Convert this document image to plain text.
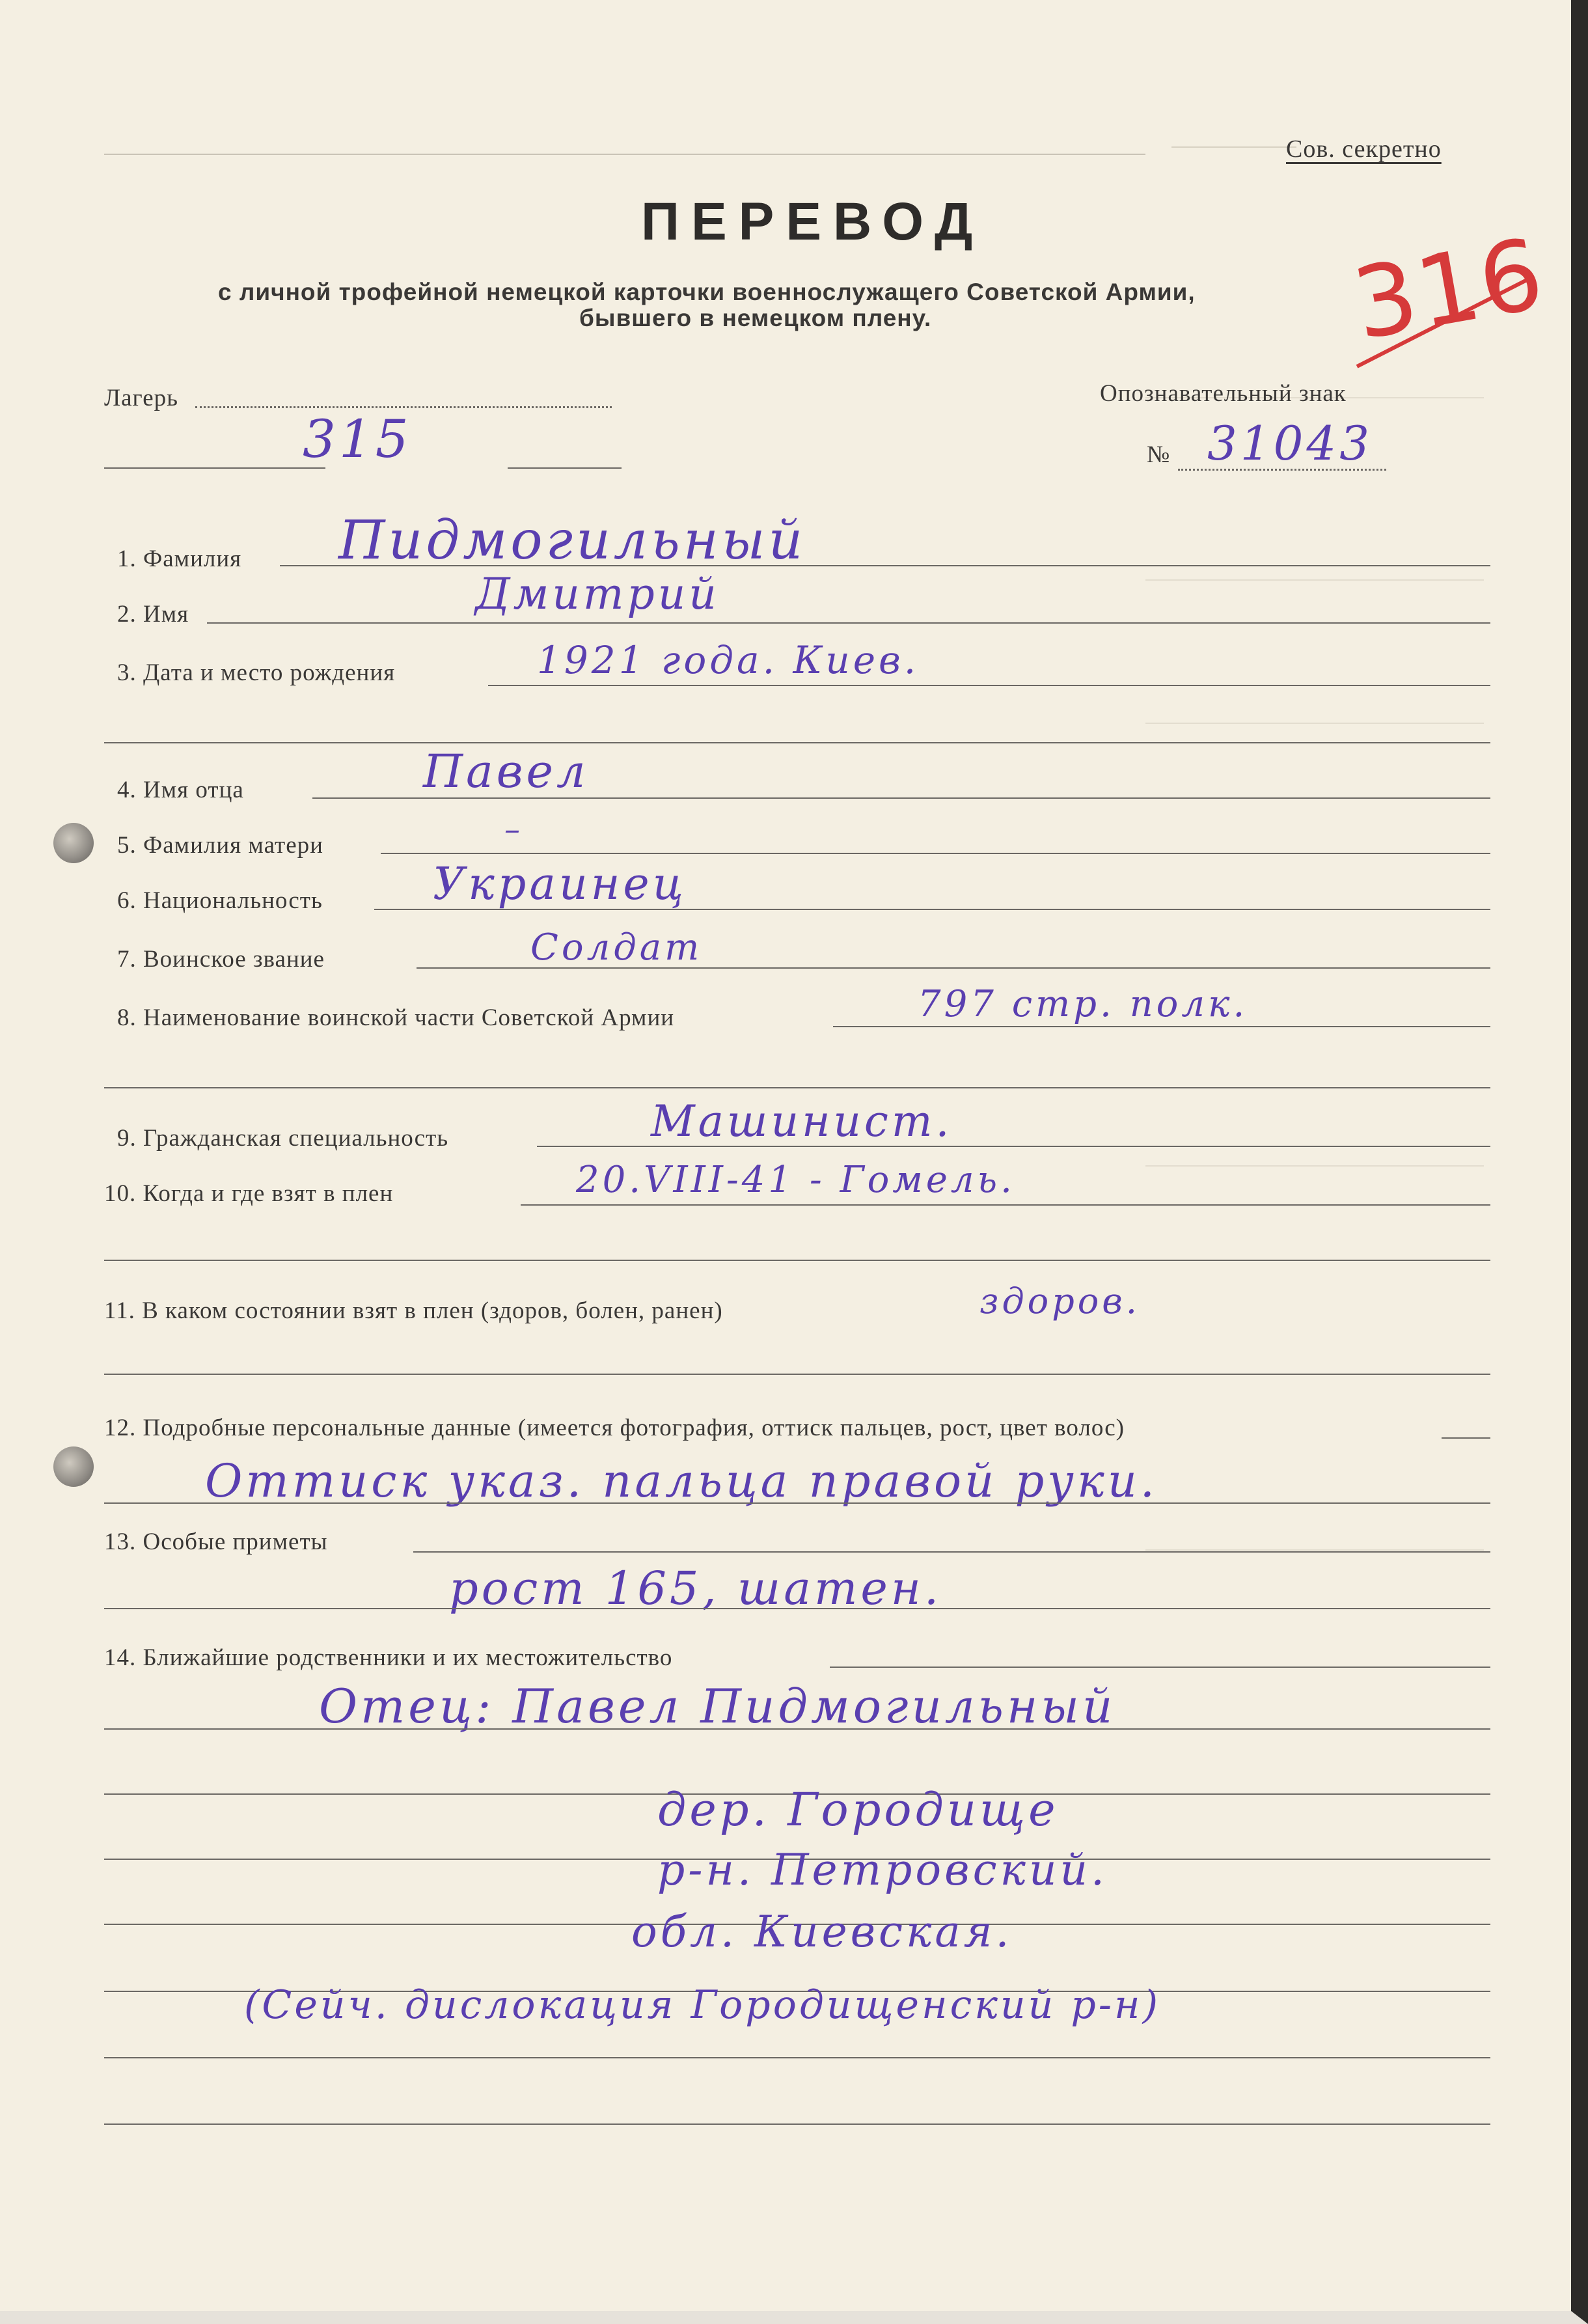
——————
Сов. секретно
ПЕРЕВОД
с личной трофейной немецкой карточки военнослужащего Советской Армии,
бывшего в немецком плену.	316
Лагерь
315
Опознавательный знак
№ 31043
1. Фамилия Пидмогильный
2. Имя	Дмитрий
3. Дата и место рождения	1921 года. Киев.
4. Имя отца	Павел
5. Фамилия матери	–
6. Национальность Украинец
7. Воинское звание	Солдат
8. Наименование воинской части Советской Армии	797 стр. полк.
9. Гражданская специальность	Машинист.
10. Когда и где взят в плен	20.VIII-41 - Гомель.
11. В каком состоянии взят в плен (здоров, болен, ранен)	здоров.
12. Подробные персональные данные (имеется фотография, оттиск пальцев, рост, цвет волос)
Оттиск указ. пальца правой руки.
13. Особые приметы
рост 165, шатен.
14. Ближайшие родственники и их местожительство
Отец: Павел Пидмогильный
дер. Городище
р-н. Петровский.
обл. Киевская.
(Сейч. дислокация Городищенский р-н)
